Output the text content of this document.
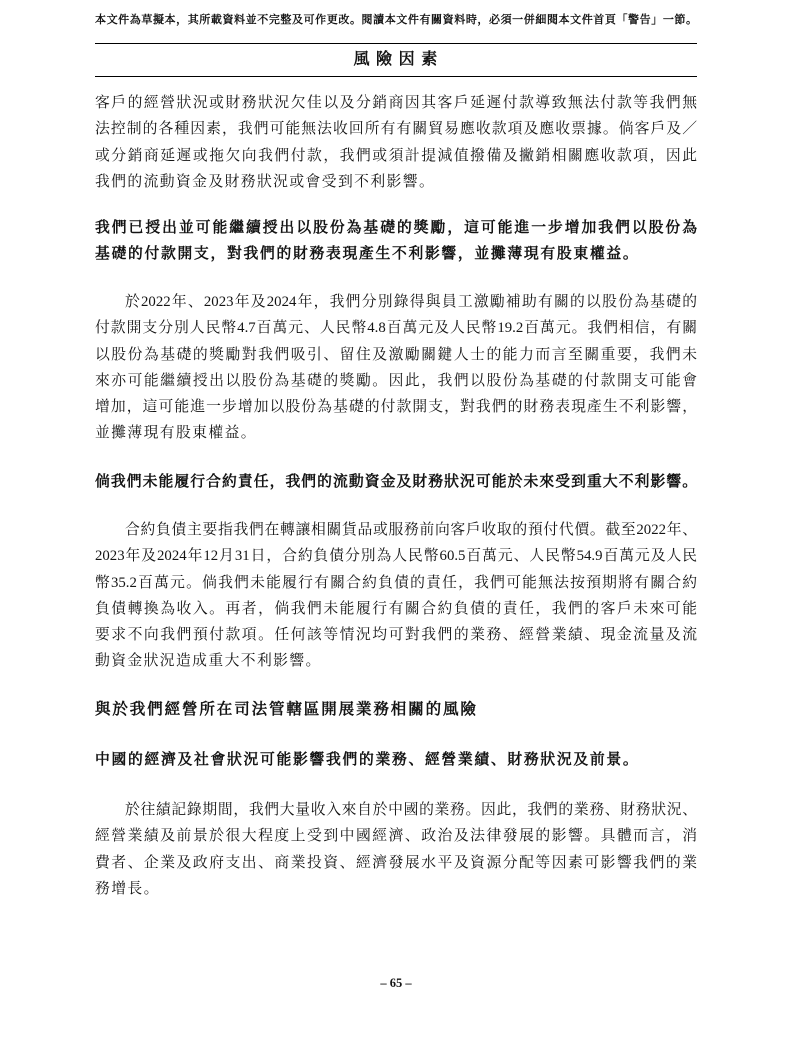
本文件為草擬本，其所載資料並不完整及可作更改。閱讀本文件有關資料時，必須一併細閱本文件首頁「警告」一節。
風 險 因 素
客戶的經營狀況或財務狀況欠佳以及分銷商因其客戶延遲付款導致無法付款等我們無
法控制的各種因素，我們可能無法收回所有有關貿易應收款項及應收票據。倘客戶及／
或分銷商延遲或拖欠向我們付款，我們或須計提減值撥備及撇銷相關應收款項，因此
我們的流動資金及財務狀況或會受到不利影響。
我們已授出並可能繼續授出以股份為基礎的獎勵，這可能進一步增加我們以股份為
基礎的付款開支，對我們的財務表現產生不利影響，並攤薄現有股東權益。
於2022年、2023年及2024年，我們分別錄得與員工激勵補助有關的以股份為基礎的
付款開支分別人民幣4.7百萬元、人民幣4.8百萬元及人民幣19.2百萬元。我們相信，有關
以股份為基礎的獎勵對我們吸引、留住及激勵關鍵人士的能力而言至關重要，我們未
來亦可能繼續授出以股份為基礎的獎勵。因此，我們以股份為基礎的付款開支可能會
增加，這可能進一步增加以股份為基礎的付款開支，對我們的財務表現產生不利影響，
並攤薄現有股東權益。
倘我們未能履行合約責任，我們的流動資金及財務狀況可能於未來受到重大不利影響。
合約負債主要指我們在轉讓相關貨品或服務前向客戶收取的預付代價。截至2022年、
2023年及2024年12月31日，合約負債分別為人民幣60.5百萬元、人民幣54.9百萬元及人民
幣35.2百萬元。倘我們未能履行有關合約負債的責任，我們可能無法按預期將有關合約
負債轉換為收入。再者，倘我們未能履行有關合約負債的責任，我們的客戶未來可能
要求不向我們預付款項。任何該等情況均可對我們的業務、經營業績、現金流量及流
動資金狀況造成重大不利影響。
與於我們經營所在司法管轄區開展業務相關的風險
中國的經濟及社會狀況可能影響我們的業務、經營業績、財務狀況及前景。
於往績記錄期間，我們大量收入來自於中國的業務。因此，我們的業務、財務狀況、
經營業績及前景於很大程度上受到中國經濟、政治及法律發展的影響。具體而言，消
費者、企業及政府支出、商業投資、經濟發展水平及資源分配等因素可影響我們的業
務增長。
– 65 –
